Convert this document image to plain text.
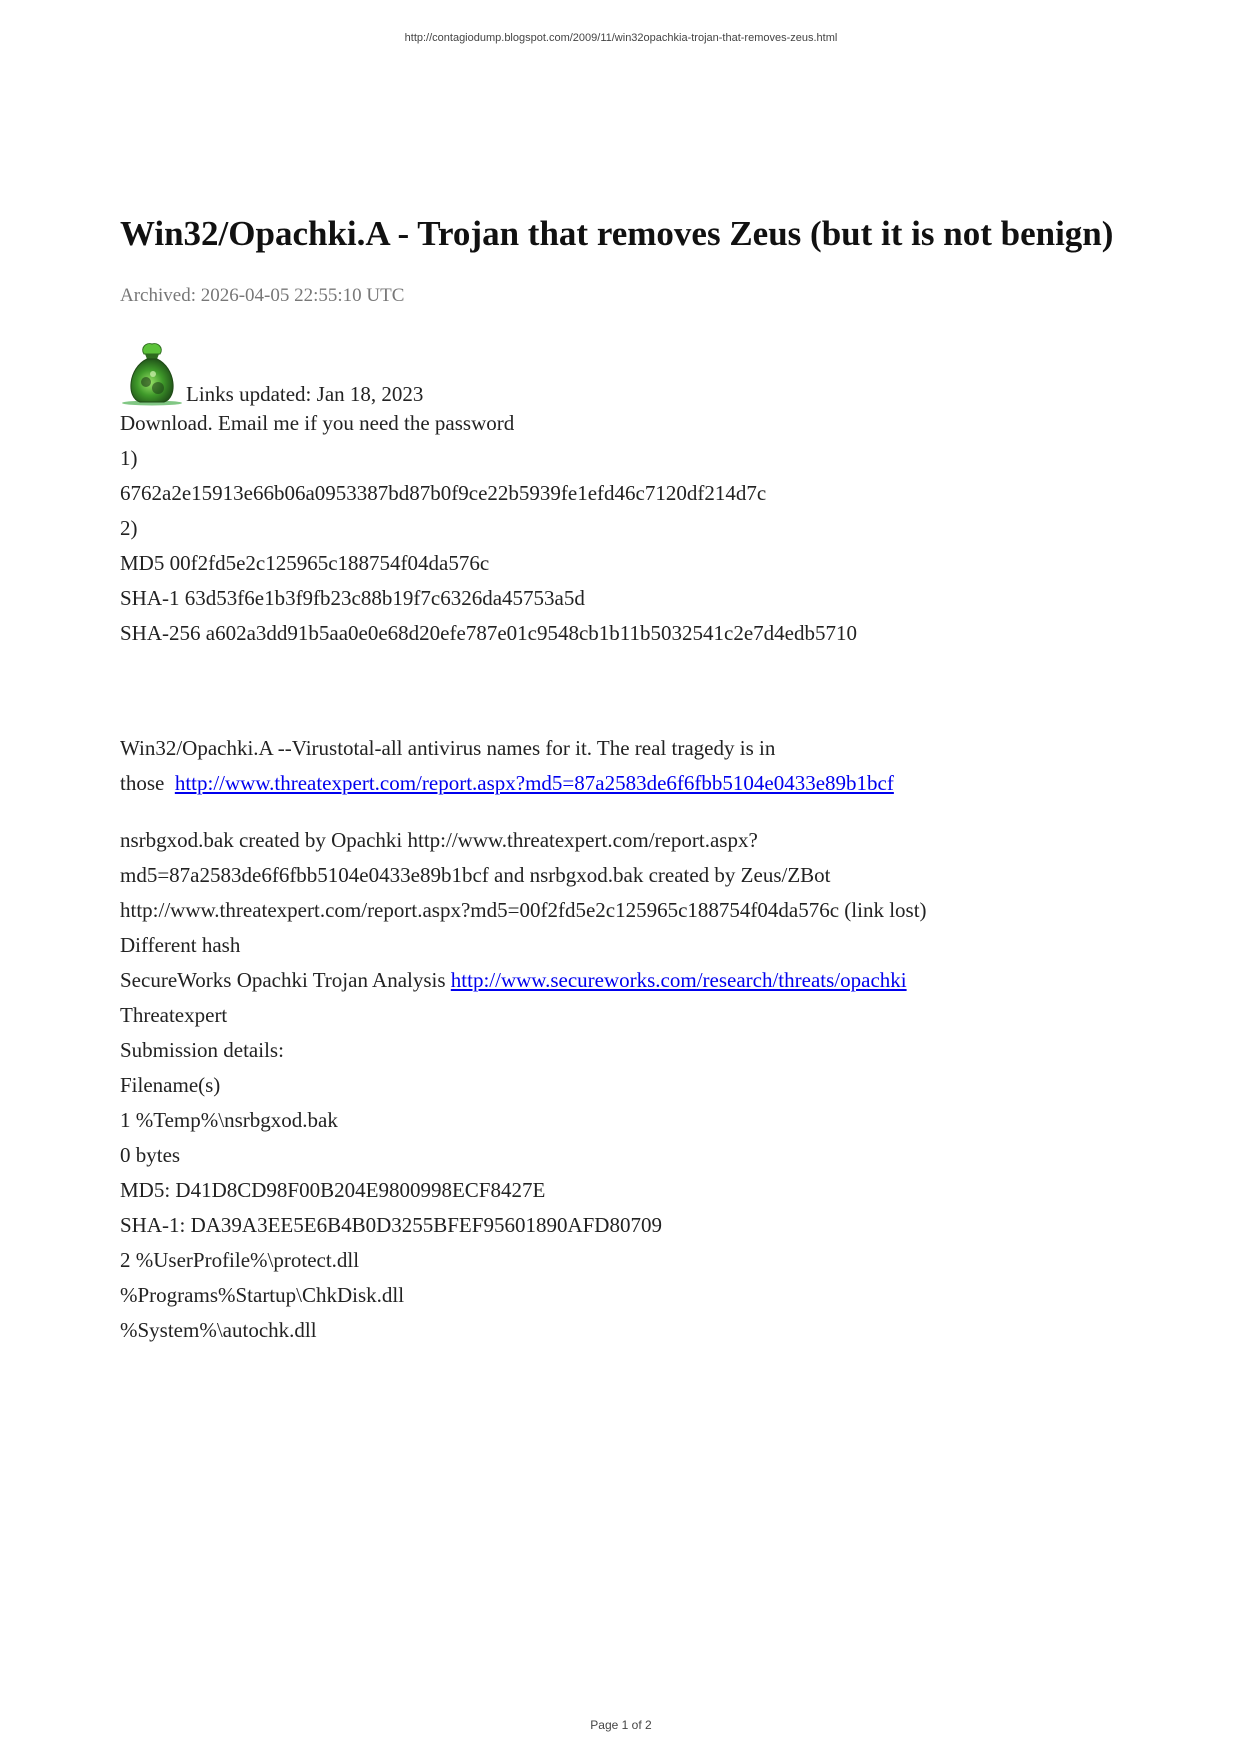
http://contagiodump.blogspot.com/2009/11/win32opachkia-trojan-that-removes-zeus.html
Win32/Opachki.A - Trojan that removes Zeus (but it is not benign)
Archived: 2026-04-05 22:55:10 UTC
Links updated: Jan 18, 2023

Download. Email me if you need the password

1)

6762a2e15913e66b06a0953387bd87b0f9ce22b5939fe1efd46c7120df214d7c

2)

MD5 00f2fd5e2c125965c188754f04da576c

SHA-1 63d53f6e1b3f9fb23c88b19f7c6326da45753a5d

SHA-256 a602a3dd91b5aa0e0e68d20efe787e01c9548cb1b11b5032541c2e7d4edb5710

Win32/Opachki.A --Virustotal-all antivirus names for it. The real tragedy is in

those  http://www.threatexpert.com/report.aspx?md5=87a2583de6f6fbb5104e0433e89b1bcf

nsrbgxod.bak created by Opachki http://www.threatexpert.com/report.aspx?

md5=87a2583de6f6fbb5104e0433e89b1bcf and nsrbgxod.bak created by Zeus/ZBot

http://www.threatexpert.com/report.aspx?md5=00f2fd5e2c125965c188754f04da576c (link lost)

Different hash

SecureWorks Opachki Trojan Analysis http://www.secureworks.com/research/threats/opachki

Threatexpert

Submission details:

Filename(s)

1 %Temp%\nsrbgxod.bak

0 bytes

MD5: D41D8CD98F00B204E9800998ECF8427E

SHA-1: DA39A3EE5E6B4B0D3255BFEF95601890AFD80709

2 %UserProfile%\protect.dll

%Programs%Startup\ChkDisk.dll

%System%\autochk.dll

Page 1 of 2
